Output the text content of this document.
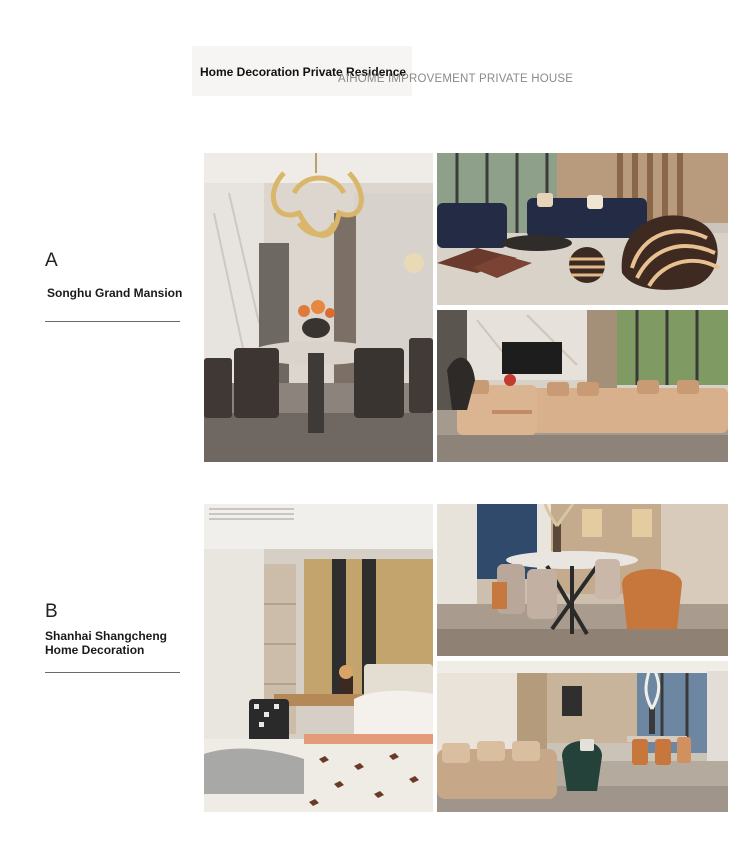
Home Decoration Private Residence
AIHOME IMPROVEMENT PRIVATE HOUSE
A
Songhu Grand Mansion
B
Shanhai Shangcheng
Home Decoration
